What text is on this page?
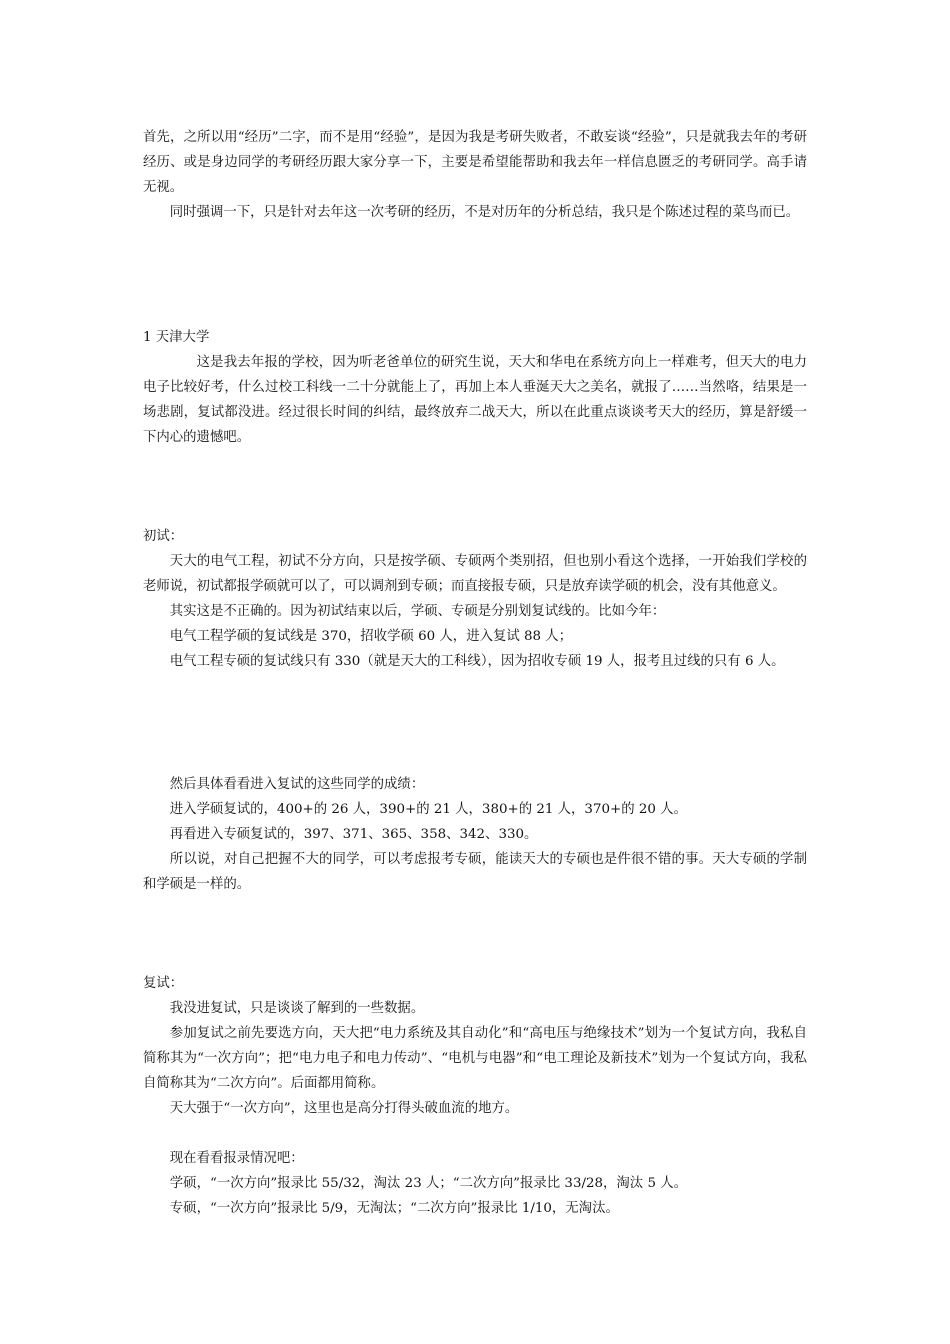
首先，之所以用“经历”二字，而不是用“经验”，是因为我是考研失败者，不敢妄谈“经验”，只是就我去年的考研经历、或是身边同学的考研经历跟大家分享一下，主要是希望能帮助和我去年一样信息匮乏的考研同学。高手请无视。

同时强调一下，只是针对去年这一次考研的经历，不是对历年的分析总结，我只是个陈述过程的菜鸟而已。

1 天津大学

这是我去年报的学校，因为听老爸单位的研究生说，天大和华电在系统方向上一样难考，但天大的电力电子比较好考，什么过校工科线一二十分就能上了，再加上本人垂涎天大之美名，就报了……当然咯，结果是一场悲剧，复试都没进。经过很长时间的纠结，最终放弃二战天大，所以在此重点谈谈考天大的经历，算是舒缓一下内心的遗憾吧。

初试：

天大的电气工程，初试不分方向，只是按学硕、专硕两个类别招，但也别小看这个选择，一开始我们学校的老师说，初试都报学硕就可以了，可以调剂到专硕；而直接报专硕，只是放弃读学硕的机会，没有其他意义。

其实这是不正确的。因为初试结束以后，学硕、专硕是分别划复试线的。比如今年：

电气工程学硕的复试线是 370，招收学硕 60 人，进入复试 88 人；

电气工程专硕的复试线只有 330（就是天大的工科线），因为招收专硕 19 人，报考且过线的只有 6 人。

然后具体看看进入复试的这些同学的成绩：

进入学硕复试的，400+的 26 人，390+的 21 人，380+的 21 人，370+的 20 人。

再看进入专硕复试的，397、371、365、358、342、330。

所以说，对自己把握不大的同学，可以考虑报考专硕，能读天大的专硕也是件很不错的事。天大专硕的学制和学硕是一样的。

复试：

我没进复试，只是谈谈了解到的一些数据。

参加复试之前先要选方向，天大把“电力系统及其自动化”和“高电压与绝缘技术”划为一个复试方向，我私自简称其为“一次方向”；把“电力电子和电力传动”、“电机与电器”和“电工理论及新技术”划为一个复试方向，我私自简称其为“二次方向”。后面都用简称。

天大强于“一次方向”，这里也是高分打得头破血流的地方。

现在看看报录情况吧：

学硕，“一次方向”报录比 55/32，淘汰 23 人；“二次方向”报录比 33/28，淘汰 5 人。

专硕，“一次方向”报录比 5/9，无淘汰；“二次方向”报录比 1/10，无淘汰。
